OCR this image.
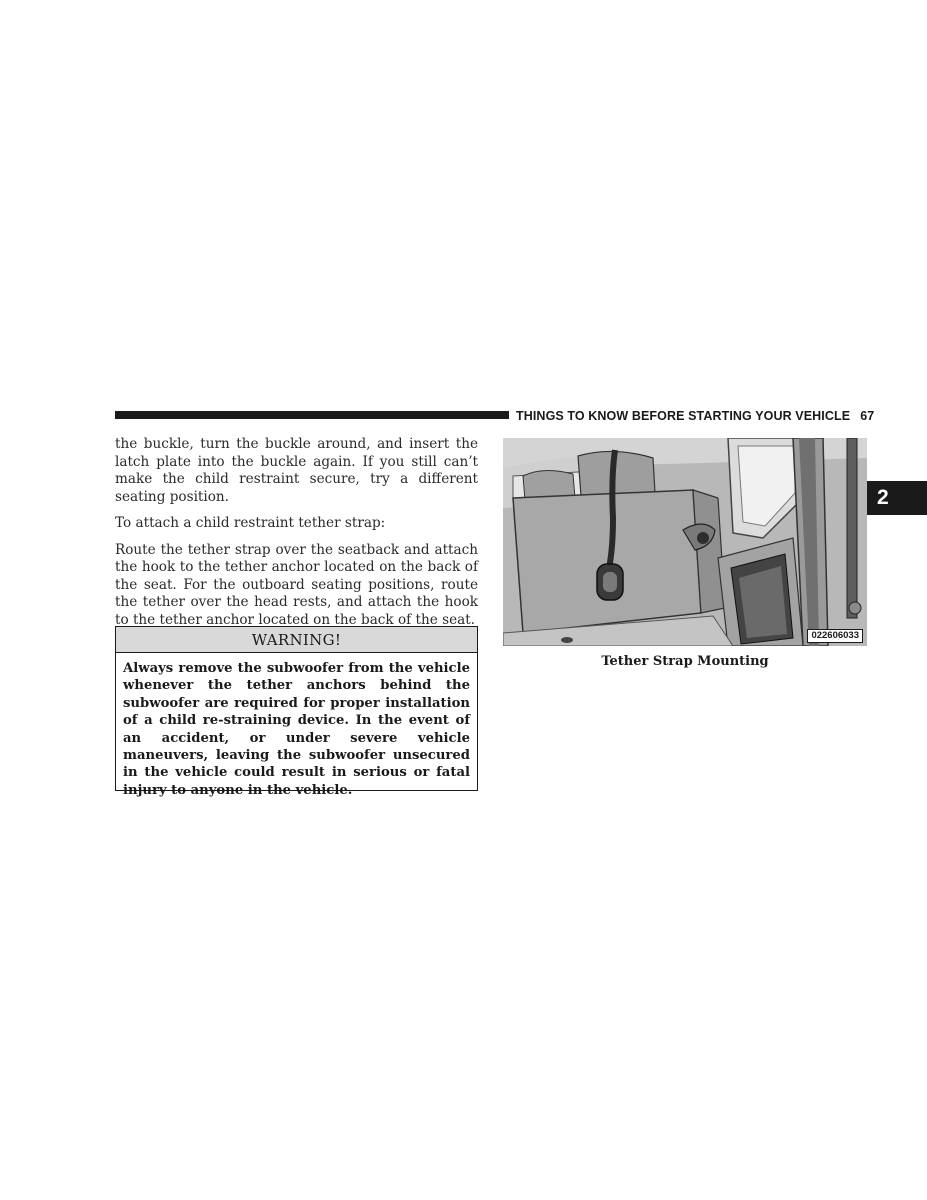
THINGS TO KNOW BEFORE STARTING YOUR VEHICLE 67
2

the buckle, turn the buckle around, and insert the latch plate into the buckle again. If you still can’t make the child restraint secure, try a different seating position.

To attach a child restraint tether strap:

Route the tether strap over the seatback and attach the hook to the tether anchor located on the back of the seat. For the outboard seating positions, route the tether over the head rests, and attach the hook to the tether anchor located on the back of the seat.

WARNING!
Always remove the subwoofer from the vehicle whenever the tether anchors behind the subwoofer are required for proper installation of a child re-straining device. In the event of an accident, or under severe vehicle maneuvers, leaving the subwoofer unsecured in the vehicle could result in serious or fatal injury to anyone in the vehicle.
022606033
Tether Strap Mounting
